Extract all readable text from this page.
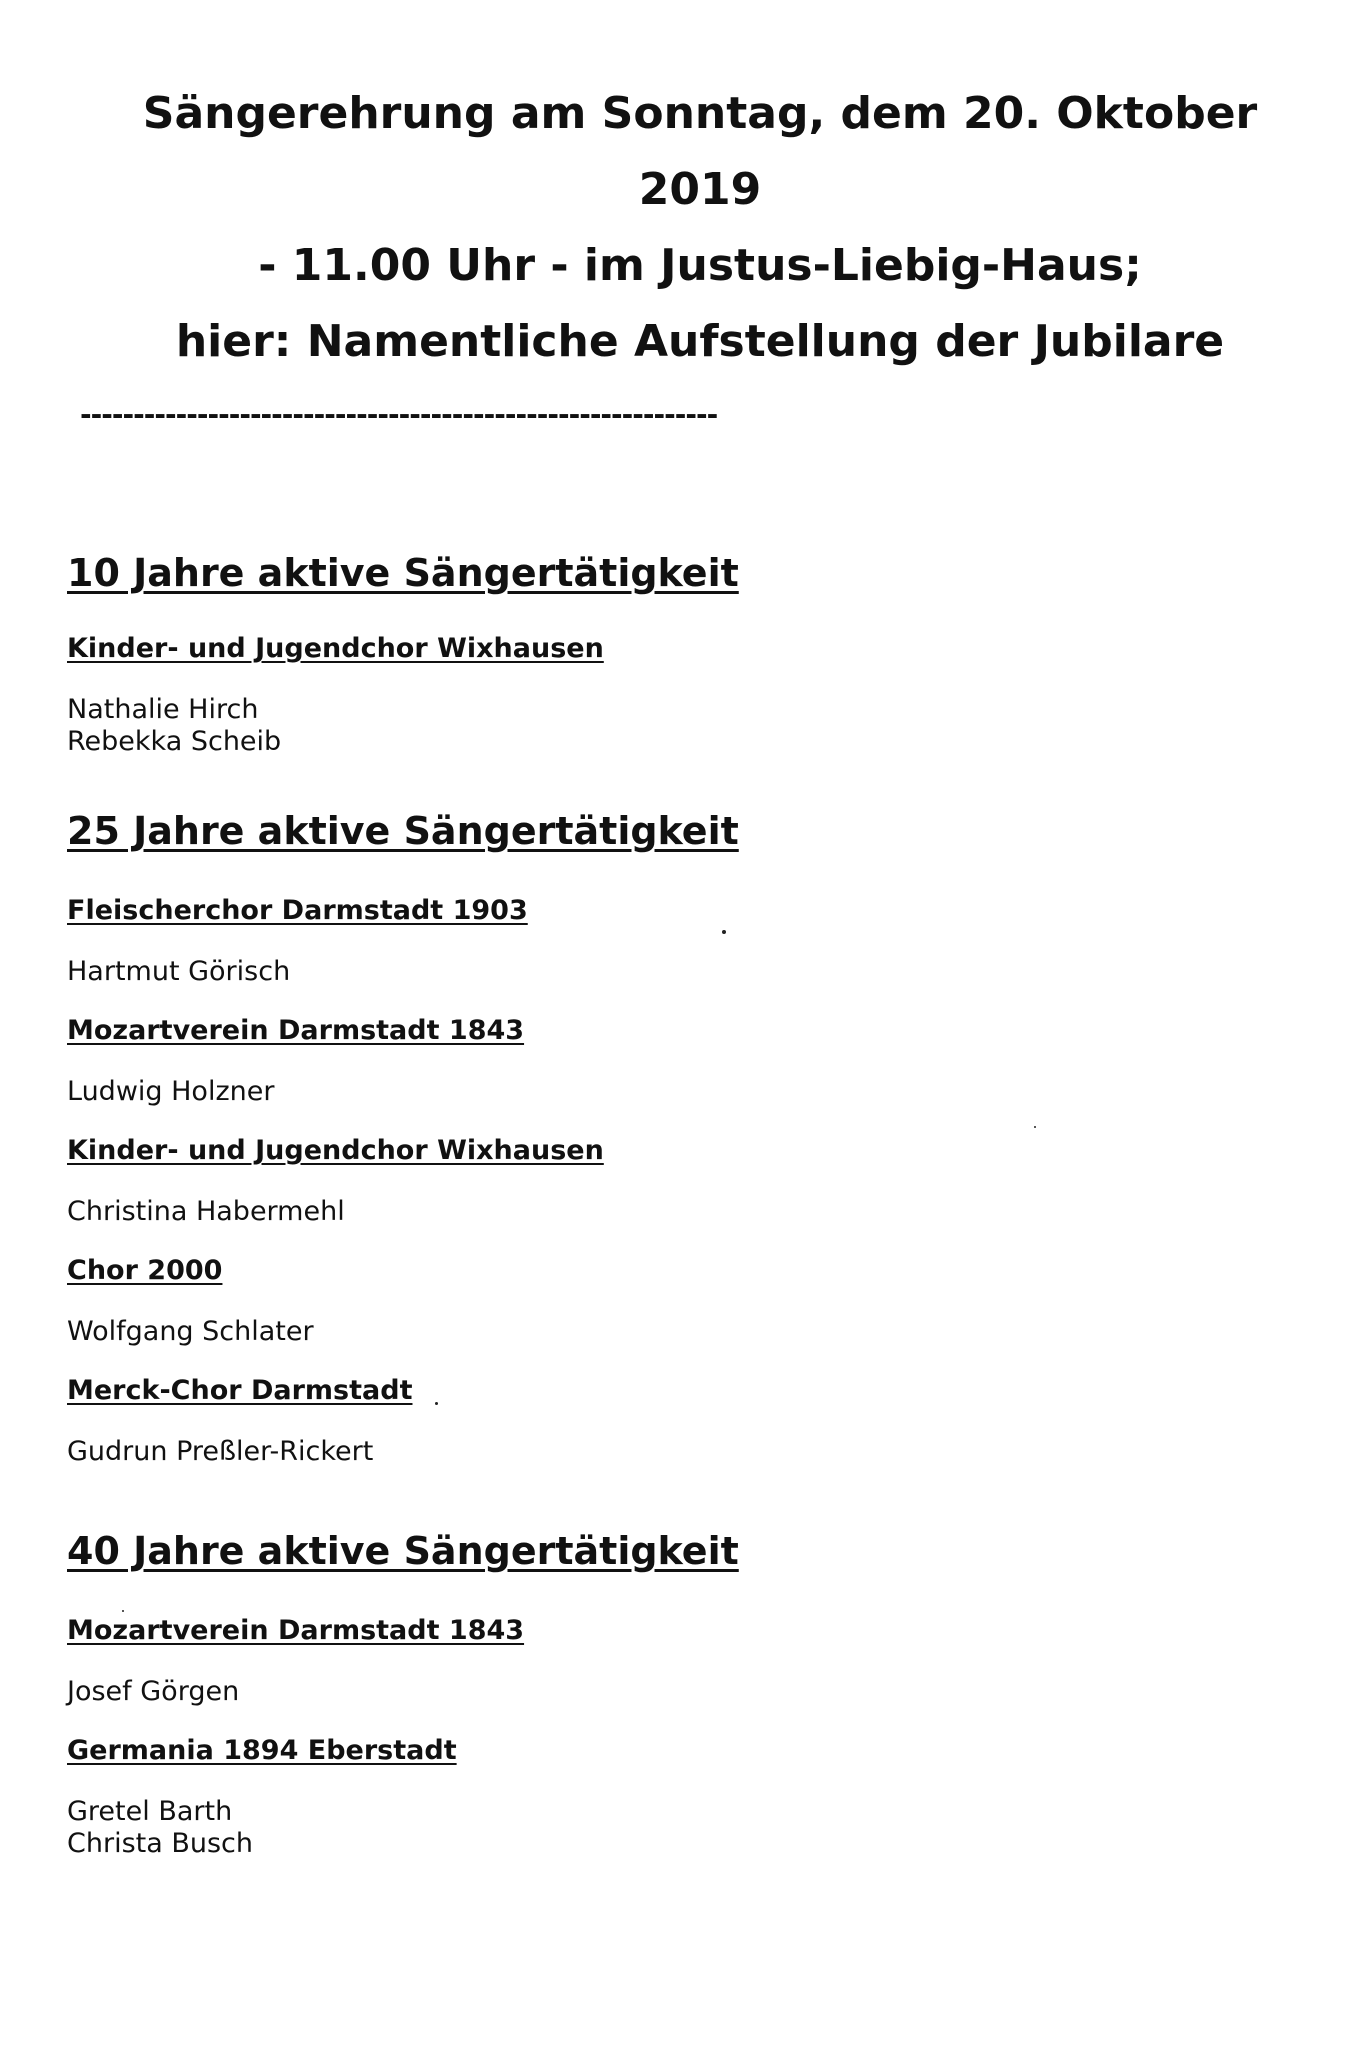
Sängerehrung am Sonntag, dem 20. Oktober
2019
- 11.00 Uhr - im Justus-Liebig-Haus;
hier: Namentliche Aufstellung der Jubilare
------------------------------------------------------------
10 Jahre aktive Sängertätigkeit
Kinder- und Jugendchor Wixhausen
Nathalie Hirch
Rebekka Scheib
25 Jahre aktive Sängertätigkeit
Fleischerchor Darmstadt 1903
Hartmut Görisch
Mozartverein Darmstadt 1843
Ludwig Holzner
Kinder- und Jugendchor Wixhausen
Christina Habermehl
Chor 2000
Wolfgang Schlater
Merck-Chor Darmstadt
Gudrun Preßler-Rickert
40 Jahre aktive Sängertätigkeit
Mozartverein Darmstadt 1843
Josef Görgen
Germania 1894 Eberstadt
Gretel Barth
Christa Busch
